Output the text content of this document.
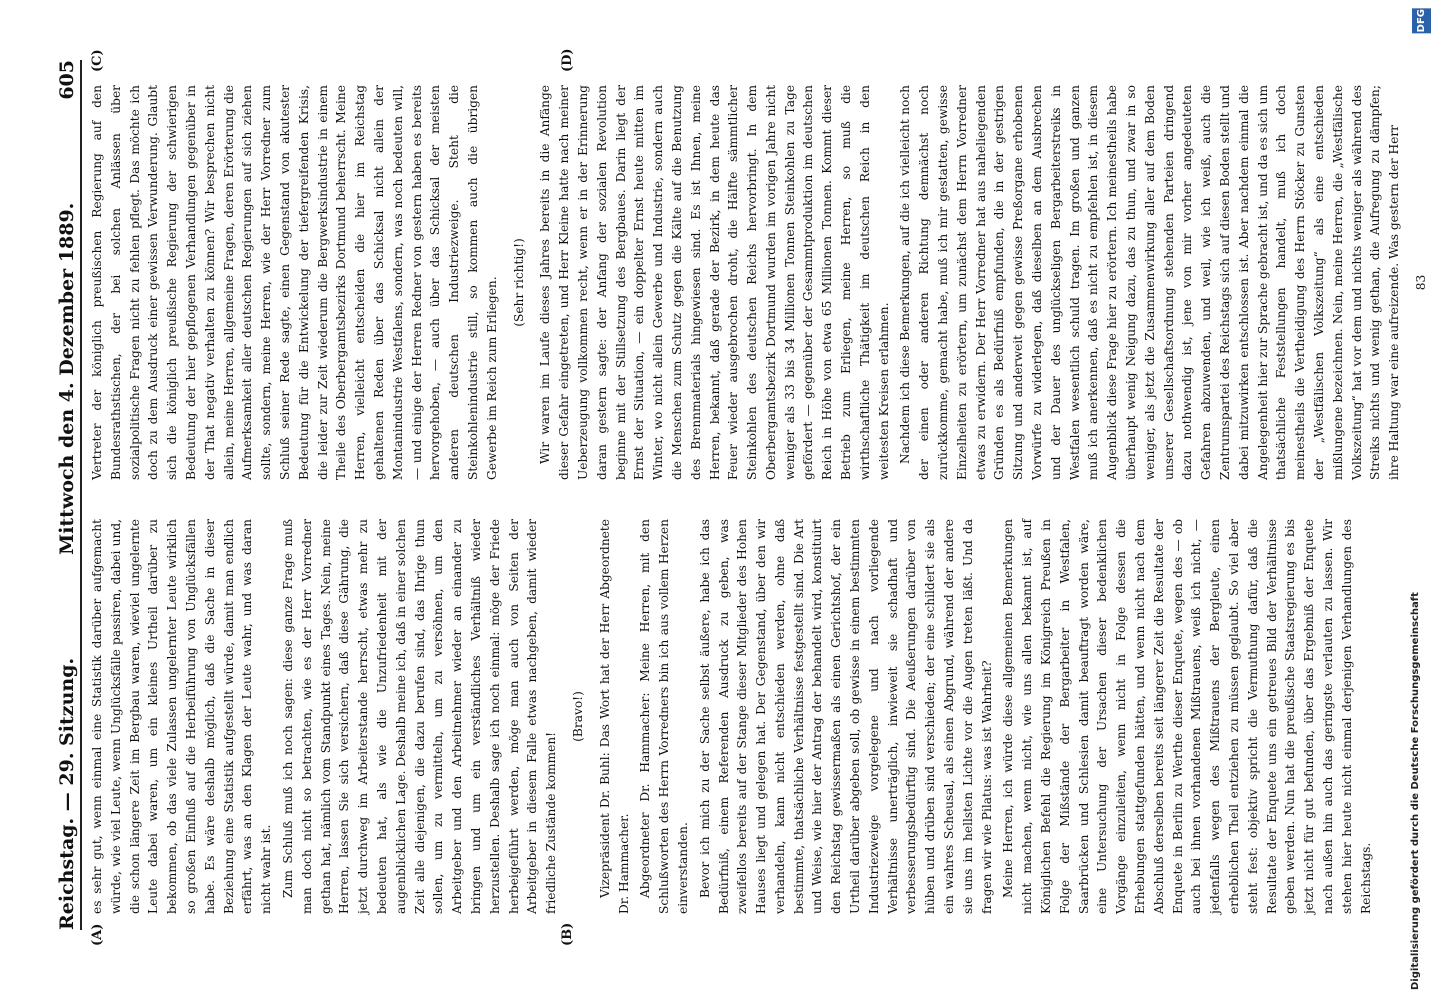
Reichstag. — 29. Sitzung.
Mittwoch den 4. Dezember 1889.
605
(A)	(B)
(C)	(D)

es sehr gut, wenn einmal eine Statistik darüber aufgemacht würde, wie viel Leute, wenn Unglücksfälle passiren, dabei und, die schon längere Zeit im Bergbau waren, wieviel ungelernte Leute dabei waren, um ein kleines Urtheil darüber zu bekommen, ob das viele Zulassen ungelernter Leute wirklich so großen Einfluß auf die Herbeiführung von Unglücksfällen habe. Es wäre deshalb möglich, daß die Sache in dieser Beziehung eine Statistik aufgestellt würde, damit man endlich erfährt, was an den Klagen der Leute wahr, und was daran nicht wahr ist. Zum Schluß muß ich noch sagen: diese ganze Frage muß man doch nicht so betrachten, wie es der Herr Vorredner gethan hat, nämlich vom Standpunkt eines Tages. Nein, meine Herren, lassen Sie sich versichern, daß diese Gährung, die jetzt durchweg im Arbeiterstande herrscht, etwas mehr zu bedeuten hat, als wie die Unzufriedenheit mit der augenblicklichen Lage. Deshalb meine ich, daß in einer solchen Zeit alle diejenigen, die dazu berufen sind, das Ihrige thun sollen, um zu vermitteln, um zu versöhnen, um den Arbeitgeber und den Arbeitnehmer wieder an einander zu bringen und um ein verständliches Verhältniß wieder herzustellen. Deshalb sage ich noch einmal: möge der Friede herbeigeführt werden, möge man auch von Seiten der Arbeitgeber in diesem Falle etwas nachgeben, damit wieder friedliche Zustände kommen!

(Bravo!) Vizepräsident Dr. Buhl: Das Wort hat der Herr Abgeordnete Dr. Hammacher. Abgeordneter Dr. Hammacher: Meine Herren, mit den Schlußworten des Herrn Vorredners bin ich aus vollem Herzen einverstanden. Bevor ich mich zu der Sache selbst äußere, habe ich das Bedürfniß, einem Referenden Ausdruck zu geben, was zweifellos bereits auf der Stange dieser Mitglieder des Hohen Hauses liegt und gelegen hat. Der Gegenstand, über den wir verhandeln, kann nicht entschieden werden, ohne daß bestimmte, thatsächliche Verhältnisse festgestellt sind. Die Art und Weise, wie hier der Antrag der behandelt wird, konstituirt den Reichstag gewissermaßen als einen Gerichtshof, der ein Urtheil darüber abgeben soll, ob gewisse in einem bestimmten Industriezweige vorgelegene und nach vorliegende Verhältnisse unerträglich, inwieweit sie schadhaft und verbesserungsbedürftig sind. Die Aeußerungen darüber von hüben und drüben sind verschieden; der eine schildert sie als ein wahres Scheusal, als einen Abgrund, während der andere sie uns im hellsten Lichte vor die Augen treten läßt. Und da fragen wir wie Pilatus: was ist Wahrheit? Meine Herren, ich würde diese allgemeinen Bemerkungen nicht machen, wenn nicht, wie uns allen bekannt ist, auf Königlichen Befehl die Regierung im Königreich Preußen in Folge der Mißstände der Bergarbeiter in Westfalen, Saarbrücken und Schlesien damit beauftragt worden wäre, eine Untersuchung der Ursachen dieser bedenklichen Vorgänge einzuleiten, wenn nicht in Folge dessen die Erhebungen stattgefunden hätten, und wenn nicht nach dem Abschluß derselben bereits seit längerer Zeit die Resultate der Enquete in Berlin zu Werthe dieser Enquete, wegen des — ob auch bei ihnen vorhandenen Mißtrauens, weiß ich nicht, — jedenfalls wegen des Mißtrauens der Bergleute, einen erheblichen Theil entziehen zu müssen geglaubt. So viel aber steht fest: objektiv spricht die Vermuthung dafür, daß die Resultate der Enquete uns ein getreues Bild der Verhältnisse geben werden. Nun hat die preußische Staatsregierung es bis jetzt nicht für gut befunden, über das Ergebniß der Enquete nach außen hin auch das geringste verlauten zu lassen. Wir stehen hier heute nicht einmal derjenigen Verhandlungen des Reichstags.

Vertreter der königlich preußischen Regierung auf den Bundesrathstischen, der bei solchen Anlässen über sozialpolitische Fragen nicht zu fehlen pflegt. Das möchte ich doch zu dem Ausdruck einer gewissen Verwunderung. Glaubt sich die königlich preußische Regierung der schwierigen Bedeutung der hier gepflogenen Verhandlungen gegenüber in der That negativ verhalten zu können? Wir besprechen nicht allein, meine Herren, allgemeine Fragen, deren Erörterung die Aufmerksamkeit aller deutschen Regierungen auf sich ziehen sollte, sondern, meine Herren, wie der Herr Vorredner zum Schluß seiner Rede sagte, einen Gegenstand von akutester Bedeutung für die Entwickelung der tiefergreifenden Krisis, die leider zur Zeit wiederum die Bergwerksindustrie in einem Theile des Oberbergamtsbezirks Dortmund beherrscht. Meine Herren, vielleicht entscheiden die hier im Reichstag gehaltenen Reden über das Schicksal nicht allein der Montanindustrie Westfalens, sondern, was noch bedeuten will, — und einige der Herren Redner von gestern haben es bereits hervorgehoben, — auch über das Schicksal der meisten anderen deutschen Industriezweige. Steht die Steinkohlenindustrie still, so kommen auch die übrigen Gewerbe im Reich zum Erliegen. (Sehr richtig!) Wir waren im Laufe dieses Jahres bereits in die Anfänge dieser Gefahr eingetreten, und Herr Kleine hatte nach meiner Ueberzeugung vollkommen recht, wenn er in der Erinnerung daran gestern sagte: der Anfang der sozialen Revolution beginne mit der Stillsetzung des Bergbaues. Darin liegt der Ernst der Situation, — ein doppelter Ernst heute mitten im Winter, wo nicht allein Gewerbe und Industrie, sondern auch die Menschen zum Schutz gegen die Kälte auf die Benutzung des Brennmaterials hingewiesen sind. Es ist Ihnen, meine Herren, bekannt, daß gerade der Bezirk, in dem heute das Feuer wieder ausgebrochen droht, die Hälfte sämmtlicher Steinkohlen des deutschen Reichs hervorbringt. In dem Oberbergamtsbezirk Dortmund wurden im vorigen Jahre nicht weniger als 33 bis 34 Millionen Tonnen Steinkohlen zu Tage gefördert — gegenüber der Gesammtproduktion im deutschen Reich in Höhe von etwa 65 Millionen Tonnen. Kommt dieser Betrieb zum Erliegen, meine Herren, so muß die wirthschaftliche Thätigkeit im deutschen Reich in den weitesten Kreisen erlahmen. Nachdem ich diese Bemerkungen, auf die ich vielleicht noch der einen oder anderen Richtung demnächst noch zurückkomme, gemacht habe, muß ich mir gestatten, gewisse Einzelheiten zu erörtern, um zunächst dem Herrn Vorredner etwas zu erwidern. Der Herr Vorredner hat aus naheliegenden Gründen es als Bedürfniß empfunden, die in der gestrigen Sitzung und anderweit gegen gewisse Preßorgane erhobenen Vorwürfe zu widerlegen, daß dieselben an dem Ausbrechen und der Dauer des unglückseligen Bergarbeiterstreiks in Westfalen wesentlich schuld tragen. Im großen und ganzen muß ich anerkennen, daß es nicht zu empfehlen ist, in diesem Augenblick diese Frage hier zu erörtern. Ich meinestheils habe überhaupt wenig Neigung dazu, das zu thun, und zwar in so weniger, als jetzt die Zusammenwirkung aller auf dem Boden unserer Gesellschaftsordnung stehenden Parteien dringend dazu nothwendig ist, jene von mir vorher angedeuteten Gefahren abzuwenden, und weil, wie ich weiß, auch die Zentrumspartei des Reichstags sich auf diesen Boden stellt und dabei mitzuwirken entschlossen ist. Aber nachdem einmal die Angelegenheit hier zur Sprache gebracht ist, und da es sich um thatsächliche Feststellungen handelt, muß ich doch meinestheils die Vertheidigung des Herrn Stöcker zu Gunsten der „Westfälischen Volkszeitung“ als eine entschieden mißlungene bezeichnen. Nein, meine Herren, die „Westfälische Volkszeitung“ hat vor dem und nichts weniger als während des Streiks nichts und wenig gethan, die Aufregung zu dämpfen; ihre Haltung war eine aufreizende. Was gestern der Herr 83

Digitalisierung gefördert durch die Deutsche Forschungsgemeinschaft
DFG
